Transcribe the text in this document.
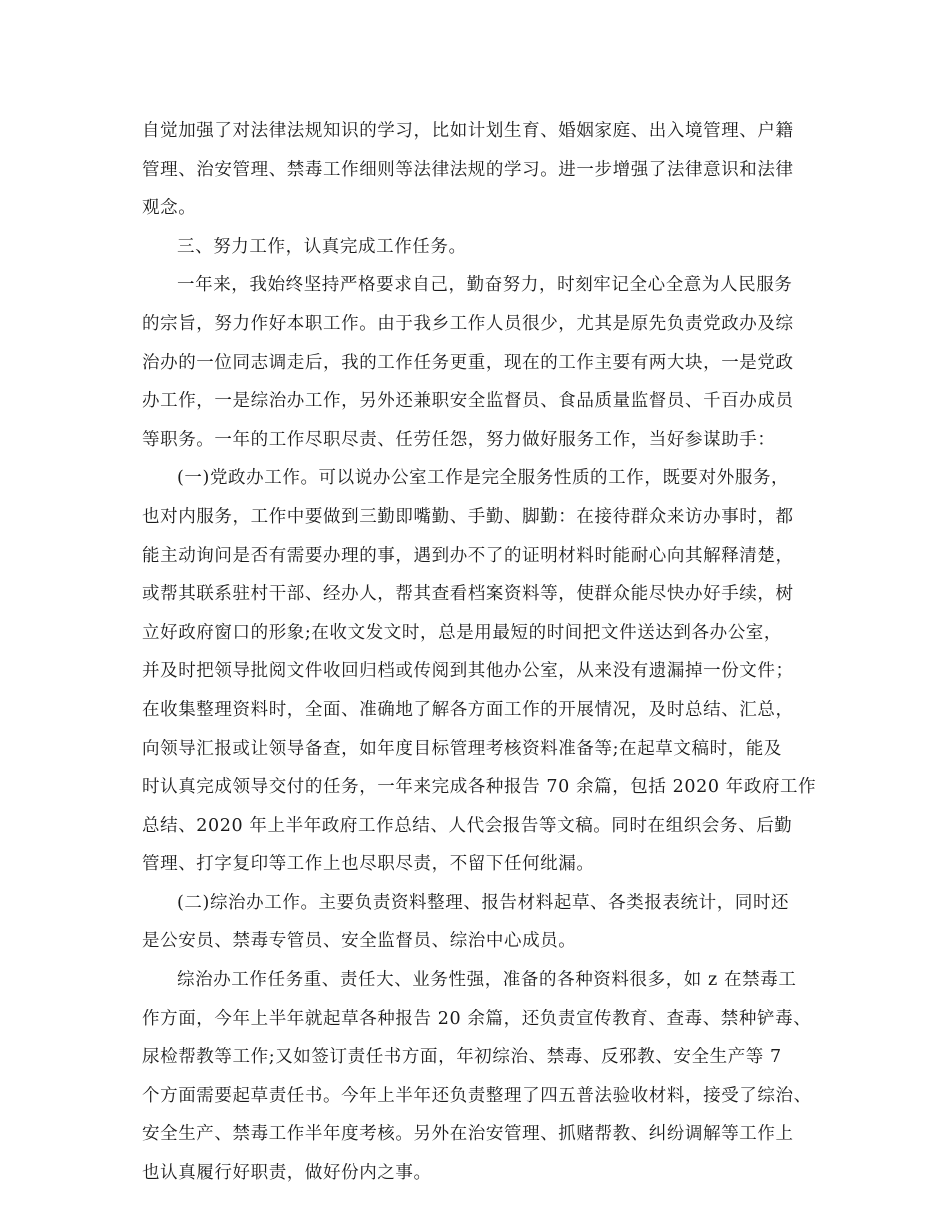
自觉加强了对法律法规知识的学习，比如计划生育、婚姻家庭、出入境管理、户籍
管理、治安管理、禁毒工作细则等法律法规的学习。进一步增强了法律意识和法律
观念。
三、努力工作，认真完成工作任务。
一年来，我始终坚持严格要求自己，勤奋努力，时刻牢记全心全意为人民服务
的宗旨，努力作好本职工作。由于我乡工作人员很少，尤其是原先负责党政办及综
治办的一位同志调走后，我的工作任务更重，现在的工作主要有两大块，一是党政
办工作，一是综治办工作，另外还兼职安全监督员、食品质量监督员、千百办成员
等职务。一年的工作尽职尽责、任劳任怨，努力做好服务工作，当好参谋助手：
(一)党政办工作。可以说办公室工作是完全服务性质的工作，既要对外服务，
也对内服务，工作中要做到三勤即嘴勤、手勤、脚勤：在接待群众来访办事时，都
能主动询问是否有需要办理的事，遇到办不了的证明材料时能耐心向其解释清楚，
或帮其联系驻村干部、经办人，帮其查看档案资料等，使群众能尽快办好手续，树
立好政府窗口的形象;在收文发文时，总是用最短的时间把文件送达到各办公室，
并及时把领导批阅文件收回归档或传阅到其他办公室，从来没有遗漏掉一份文件；
在收集整理资料时，全面、准确地了解各方面工作的开展情况，及时总结、汇总，
向领导汇报或让领导备查，如年度目标管理考核资料准备等;在起草文稿时，能及
时认真完成领导交付的任务，一年来完成各种报告 70 余篇，包括 2020 年政府工作
总结、2020 年上半年政府工作总结、人代会报告等文稿。同时在组织会务、后勤
管理、打字复印等工作上也尽职尽责，不留下任何纰漏。
(二)综治办工作。主要负责资料整理、报告材料起草、各类报表统计，同时还
是公安员、禁毒专管员、安全监督员、综治中心成员。
综治办工作任务重、责任大、业务性强，准备的各种资料很多，如 z 在禁毒工
作方面，今年上半年就起草各种报告 20 余篇，还负责宣传教育、查毒、禁种铲毒、
尿检帮教等工作;又如签订责任书方面，年初综治、禁毒、反邪教、安全生产等 7
个方面需要起草责任书。今年上半年还负责整理了四五普法验收材料，接受了综治、
安全生产、禁毒工作半年度考核。另外在治安管理、抓赌帮教、纠纷调解等工作上
也认真履行好职责，做好份内之事。
